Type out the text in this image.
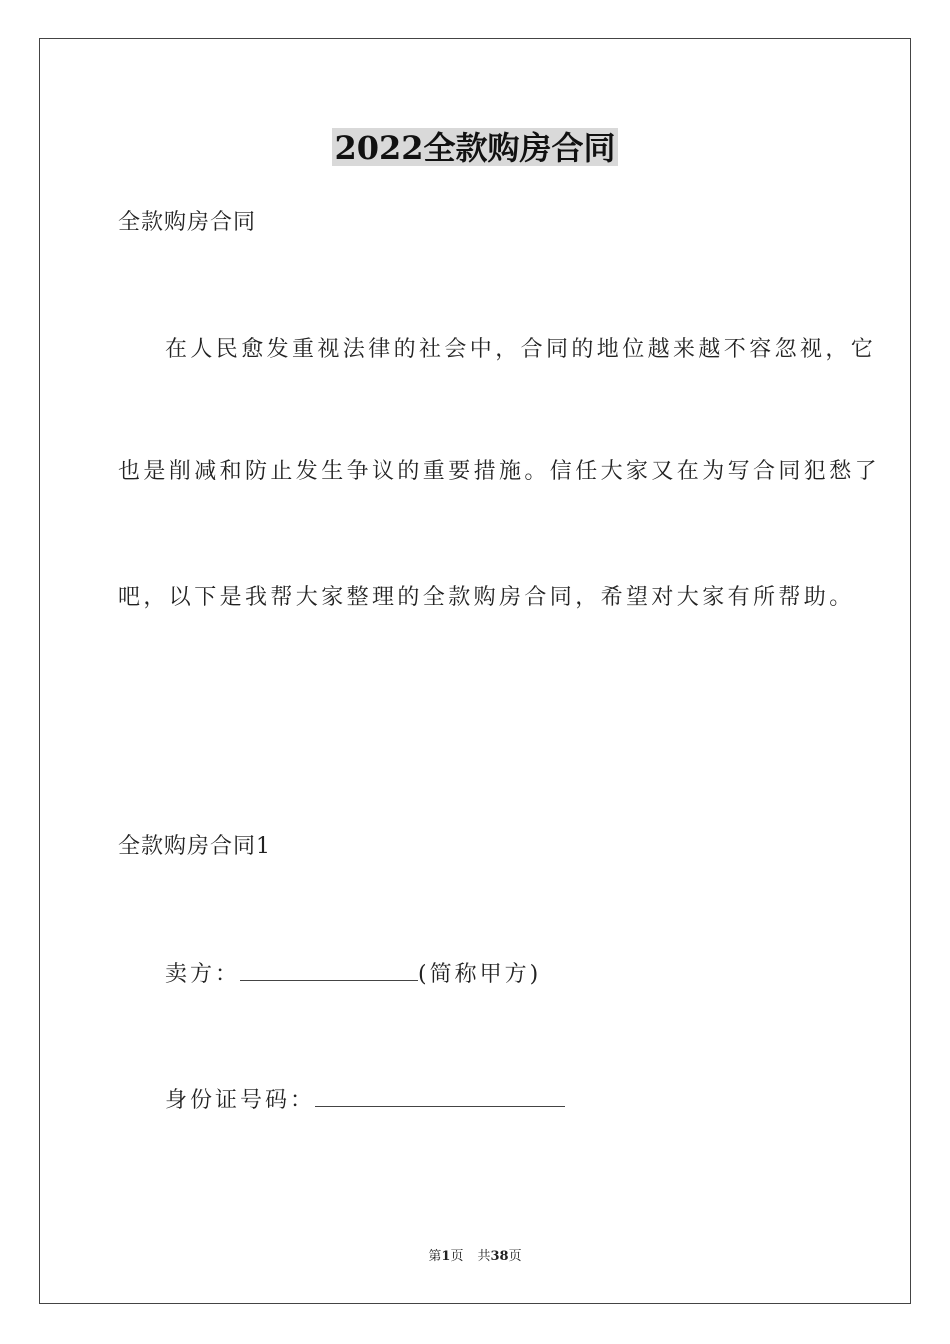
2022全款购房合同

全款购房合同

在人民愈发重视法律的社会中，合同的地位越来越不容忽视，它

也是削减和防止发生争议的重要措施。信任大家又在为写合同犯愁了

吧，以下是我帮大家整理的全款购房合同，希望对大家有所帮助。

全款购房合同1

卖方：	(简称甲方)

身份证号码：

第1页 共38页
